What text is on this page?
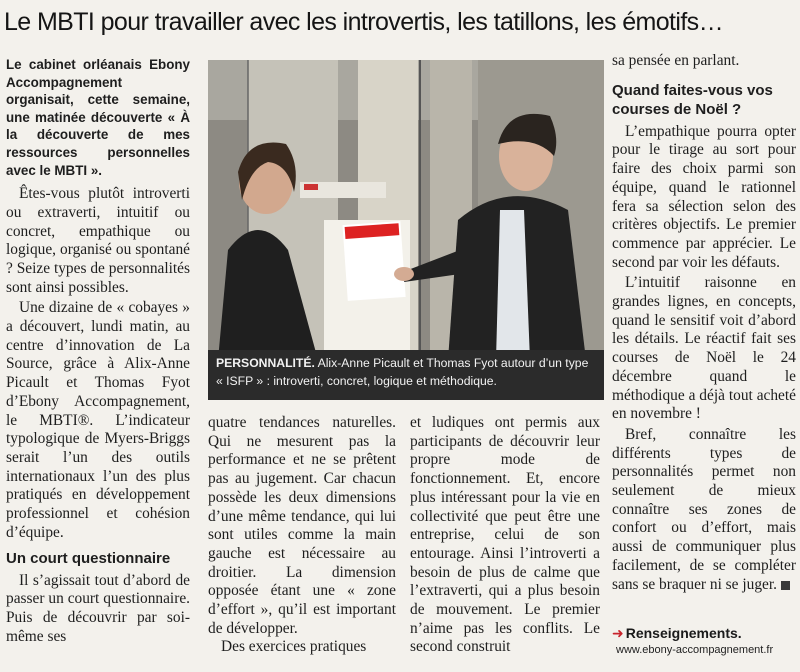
Le MBTI pour travailler avec les introvertis, les tatillons, les émotifs…
Le cabinet orléanais Ebony Accompagnement organisait, cette semaine, une matinée découverte « À la découverte de mes ressources personnelles avec le MBTI ».

Êtes-vous plutôt introverti ou extraverti, intuitif ou concret, empathique ou logique, organisé ou spontané ? Seize types de personnalités sont ainsi possibles.

Une dizaine de « cobayes » a découvert, lundi matin, au centre d’innovation de La Source, grâce à Alix-Anne Picault et Thomas Fyot d’Ebony Accompagnement, le MBTI®. L’indicateur typologique de Myers-Briggs serait l’un des outils internationaux l’un des plus pratiqués en développement professionnel et cohésion d’équipe.

Un court questionnaire

Il s’agissait tout d’abord de passer un court questionnaire. Puis de découvrir par soi-même ses

PERSONNALITÉ. Alix-Anne Picault et Thomas Fyot autour d’un type « ISFP » : introverti, concret, logique et méthodique.

quatre tendances naturelles. Qui ne mesurent pas la performance et ne se prêtent pas au jugement. Car chacun possède les deux dimensions d’une même tendance, qui lui sont utiles comme la main gauche est nécessaire au droitier. La dimension opposée étant une « zone d’effort », qu’il est important de développer.

Des exercices pratiques

et ludiques ont permis aux participants de découvrir leur propre mode de fonctionnement. Et, encore plus intéressant pour la vie en collectivité que peut être une entreprise, celui de son entourage. Ainsi l’introverti a besoin de plus de calme que l’extraverti, qui a plus besoin de mouvement. Le premier n’aime pas les conflits. Le second construit

sa pensée en parlant.

Quand faites-vous vos courses de Noël ?

L’empathique pourra opter pour le tirage au sort pour faire des choix parmi son équipe, quand le rationnel fera sa sélection selon des critères objectifs. Le premier commence par apprécier. Le second par voir les défauts.

L’intuitif raisonne en grandes lignes, en concepts, quand le sensitif voit d’abord les détails. Le réactif fait ses courses de Noël le 24 décembre quand le méthodique a déjà tout acheté en novembre !

Bref, connaître les différents types de personnalités permet non seulement de mieux connaître ses zones de confort ou d’effort, mais aussi de communiquer plus facilement, de se compléter sans se braquer ni se juger.

➜ Renseignements.
www.ebony-accompagnement.fr
